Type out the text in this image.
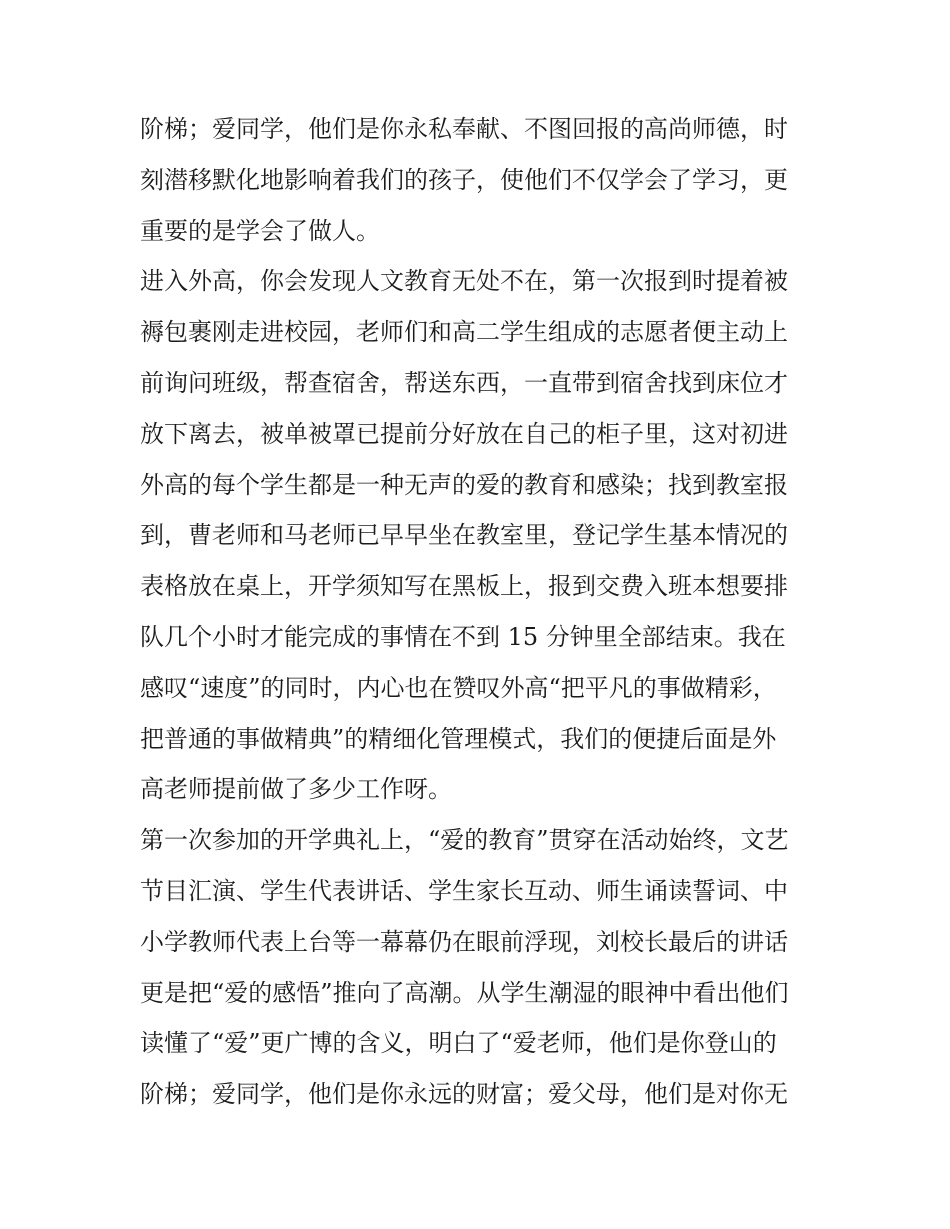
阶梯；爱同学，他们是你永私奉献、不图回报的高尚师德，时
刻潜移默化地影响着我们的孩子，使他们不仅学会了学习，更
重要的是学会了做人。
进入外高，你会发现人文教育无处不在，第一次报到时提着被
褥包裹刚走进校园，老师们和高二学生组成的志愿者便主动上
前询问班级，帮查宿舍，帮送东西，一直带到宿舍找到床位才
放下离去，被单被罩已提前分好放在自己的柜子里，这对初进
外高的每个学生都是一种无声的爱的教育和感染；找到教室报
到，曹老师和马老师已早早坐在教室里，登记学生基本情况的
表格放在桌上，开学须知写在黑板上，报到交费入班本想要排
队几个小时才能完成的事情在不到 15 分钟里全部结束。我在
感叹“速度”的同时，内心也在赞叹外高“把平凡的事做精彩，
把普通的事做精典”的精细化管理模式，我们的便捷后面是外
高老师提前做了多少工作呀。
第一次参加的开学典礼上，“爱的教育”贯穿在活动始终，文艺
节目汇演、学生代表讲话、学生家长互动、师生诵读誓词、中
小学教师代表上台等一幕幕仍在眼前浮现，刘校长最后的讲话
更是把“爱的感悟”推向了高潮。从学生潮湿的眼神中看出他们
读懂了“爱”更广博的含义，明白了“爱老师，他们是你登山的
阶梯；爱同学，他们是你永远的财富；爱父母，他们是对你无
